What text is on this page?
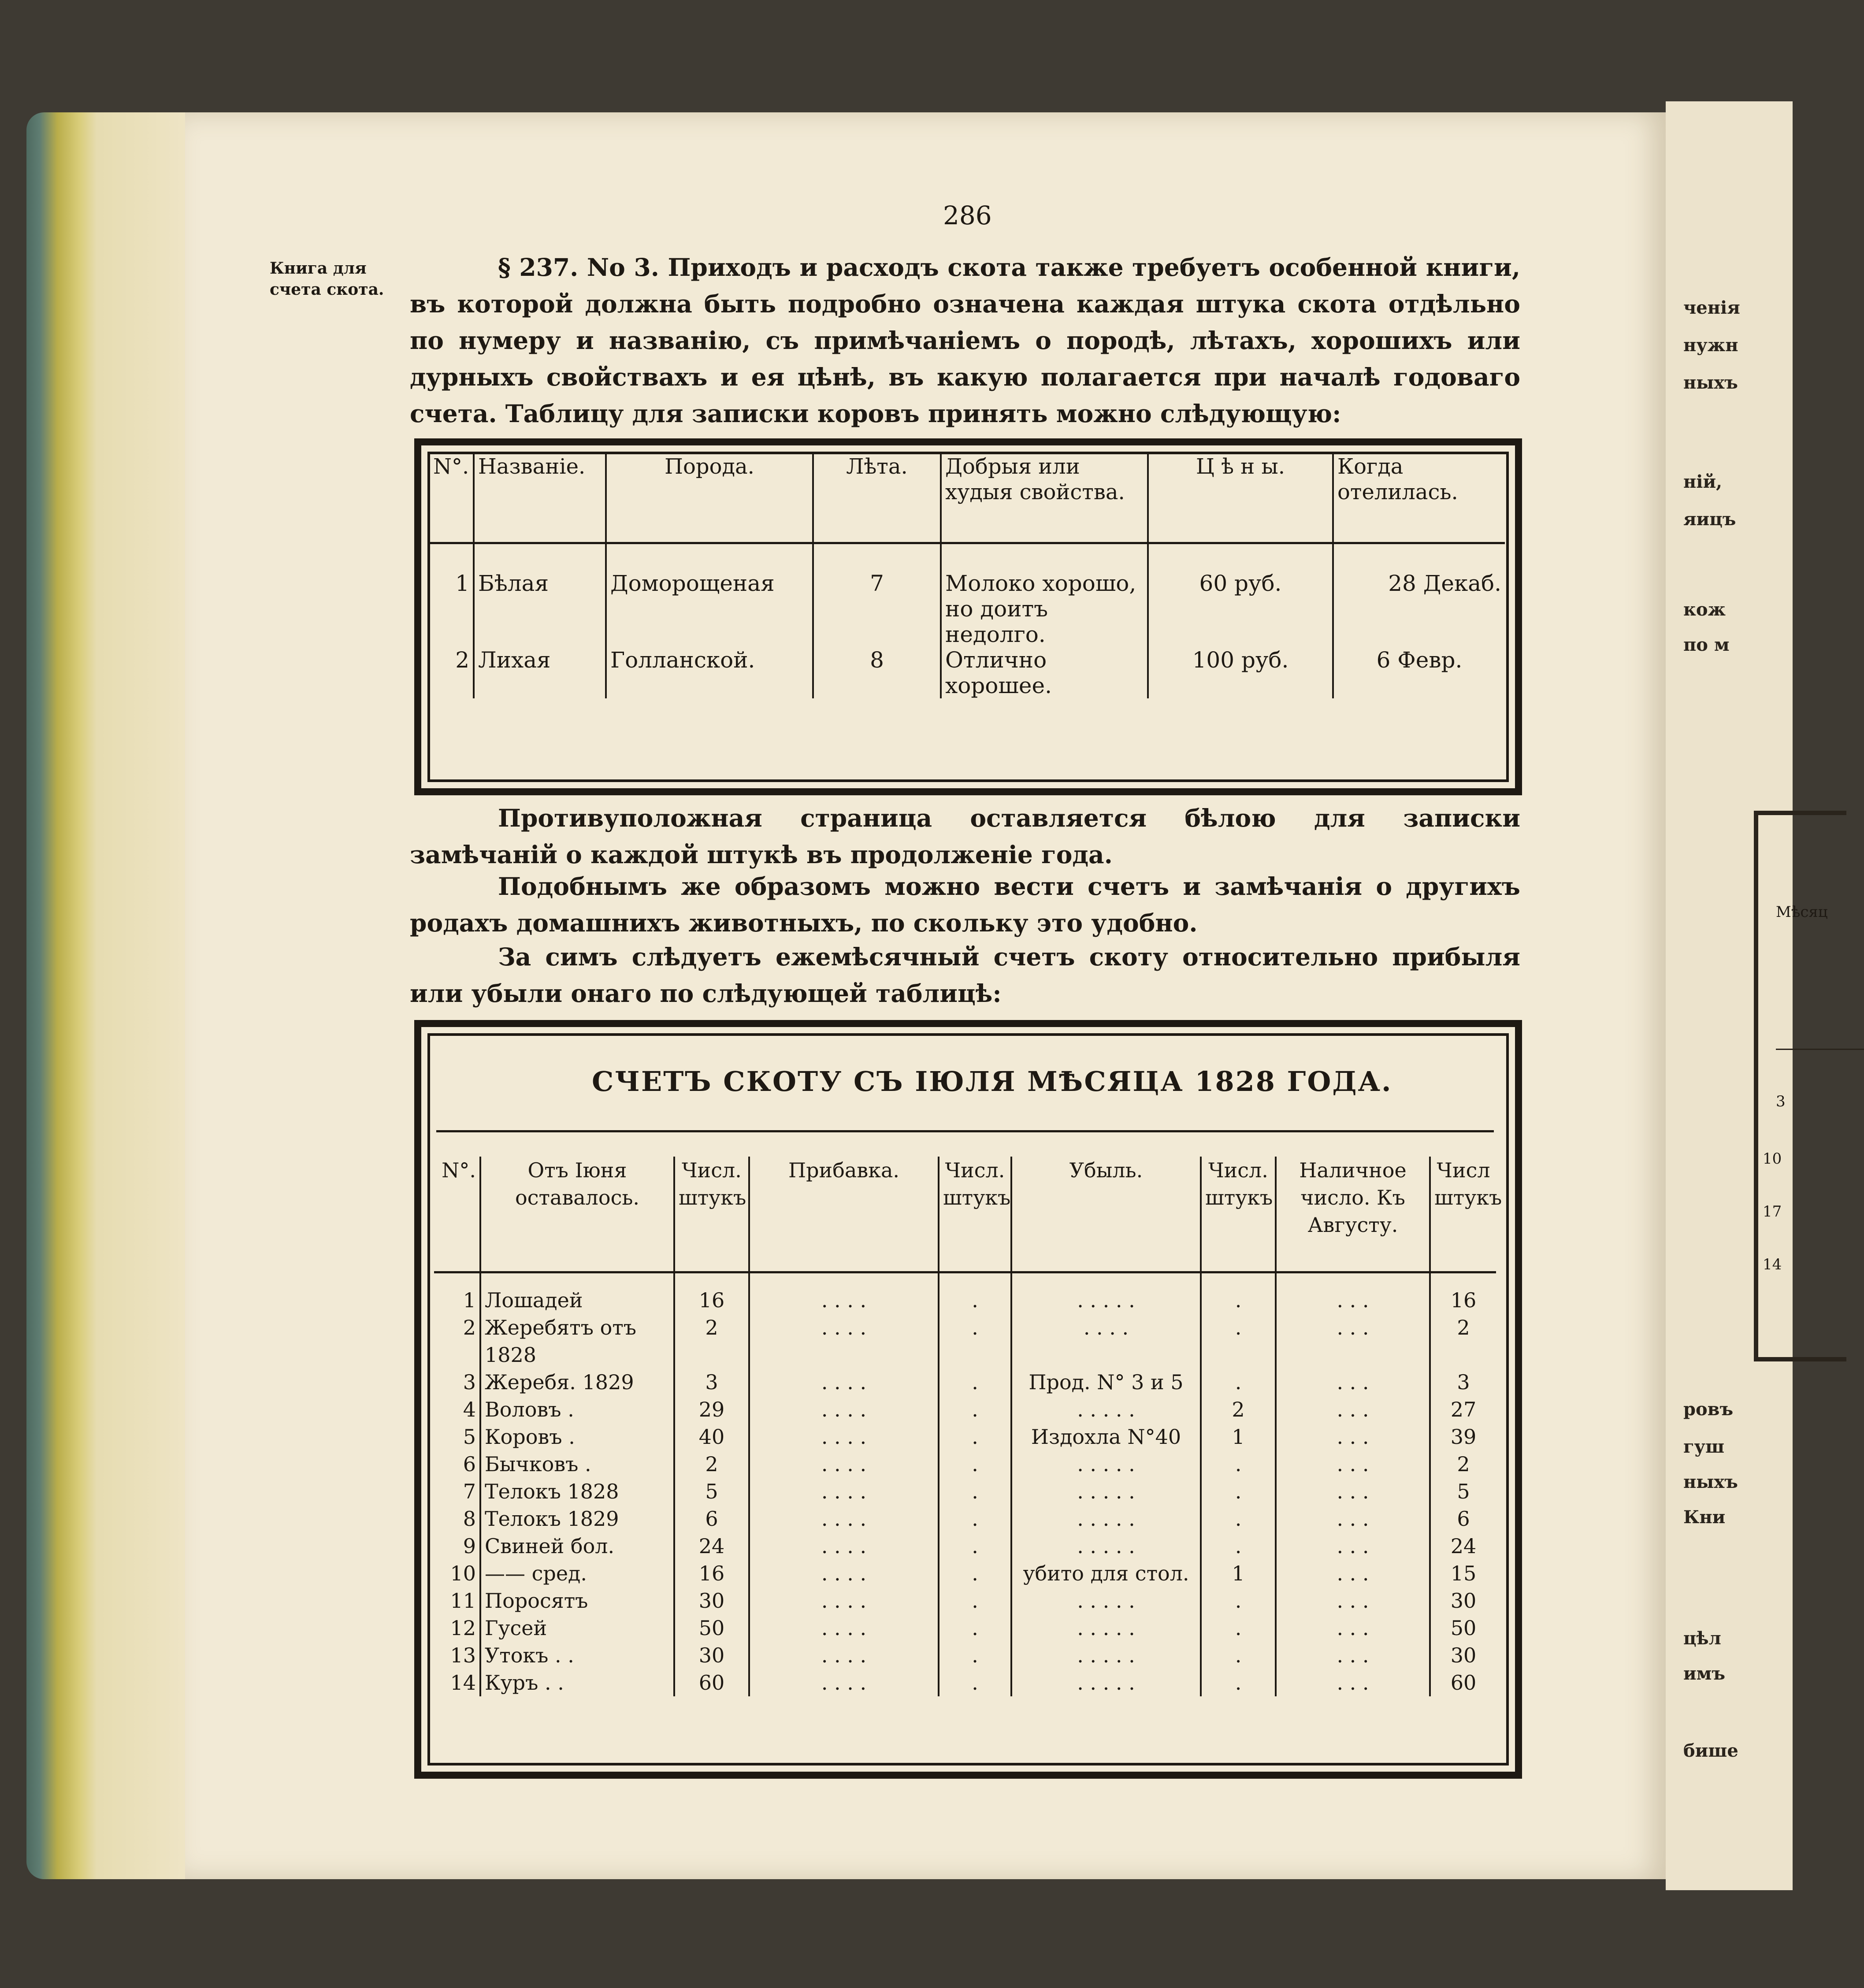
ченія
нужн
ныхъ
ній,
яицъ
кож
по м
ровъ
гуш
ныхъ
Кни
цѣл
имъ
бише
Мѣсяц
3
10
17
14
286
Книга для счета скота.
§ 237. No 3. Приходъ и расходъ скота также требуетъ особенной книги, въ которой должна быть подробно означена каждая штука скота отдѣльно по нумеру и названію, съ примѣчаніемъ о породѣ, лѣтахъ, хорошихъ или дурныхъ свойствахъ и ея цѣнѣ, въ какую полагается при началѣ годоваго счета. Таблицу для записки коровъ принять можно слѣдующую:
N°.	Названіе.	Порода.	Лѣта.	Добрыя или худыя свойства.	Ц ѣ н ы.	Когда отелилась.
1	Бѣлая	Доморощеная	7	Молоко хорошо, но доитъ недолго.	60 руб.	28 Декаб.
2	Лихая	Голланской.	8	Отлично хорошее.	100 руб.	6 Февр.
Противуположная страница оставляется бѣлою для записки замѣчаній о каждой штукѣ въ продолженіе года.
Подобнымъ же образомъ можно вести счетъ и замѣчанія о другихъ родахъ домашнихъ животныхъ, по скольку это удобно.
За симъ слѣдуетъ ежемѣсячный счетъ скоту относительно прибыля или убыли онаго по слѣдующей таблицѣ:
СЧЕТЪ СКОТУ СЪ ІЮЛЯ МѢСЯЦА 1828 ГОДА.
N°.	Отъ Іюня оставалось.	Числ. штукъ	Прибавка.	Числ. штукъ	Убыль.	Числ. штукъ	Наличное число. Къ Августу.	Числ штукъ
1	Лошадей	16	. . . .	.	. . . . .	.	. . .	16
2	Жеребятъ отъ 1828	2	. . . .	.	. . . .	.	. . .	2
3	Жеребя. 1829	3	. . . .	.	Прод. N° 3 и 5	.	. . .	3
4	Воловъ .	29	. . . .	.	. . . . .	2	. . .	27
5	Коровъ .	40	. . . .	.	Издохла N°40	1	. . .	39
6	Бычковъ .	2	. . . .	.	. . . . .	.	. . .	2
7	Телокъ 1828	5	. . . .	.	. . . . .	.	. . .	5
8	Телокъ 1829	6	. . . .	.	. . . . .	.	. . .	6
9	Свиней бол.	24	. . . .	.	. . . . .	.	. . .	24
10	—— сред.	16	. . . .	.	убито для стол.	1	. . .	15
11	Поросятъ	30	. . . .	.	. . . . .	.	. . .	30
12	Гусей	50	. . . .	.	. . . . .	.	. . .	50
13	Утокъ . .	30	. . . .	.	. . . . .	.	. . .	30
14	Куръ . .	60	. . . .	.	. . . . .	.	. . .	60
